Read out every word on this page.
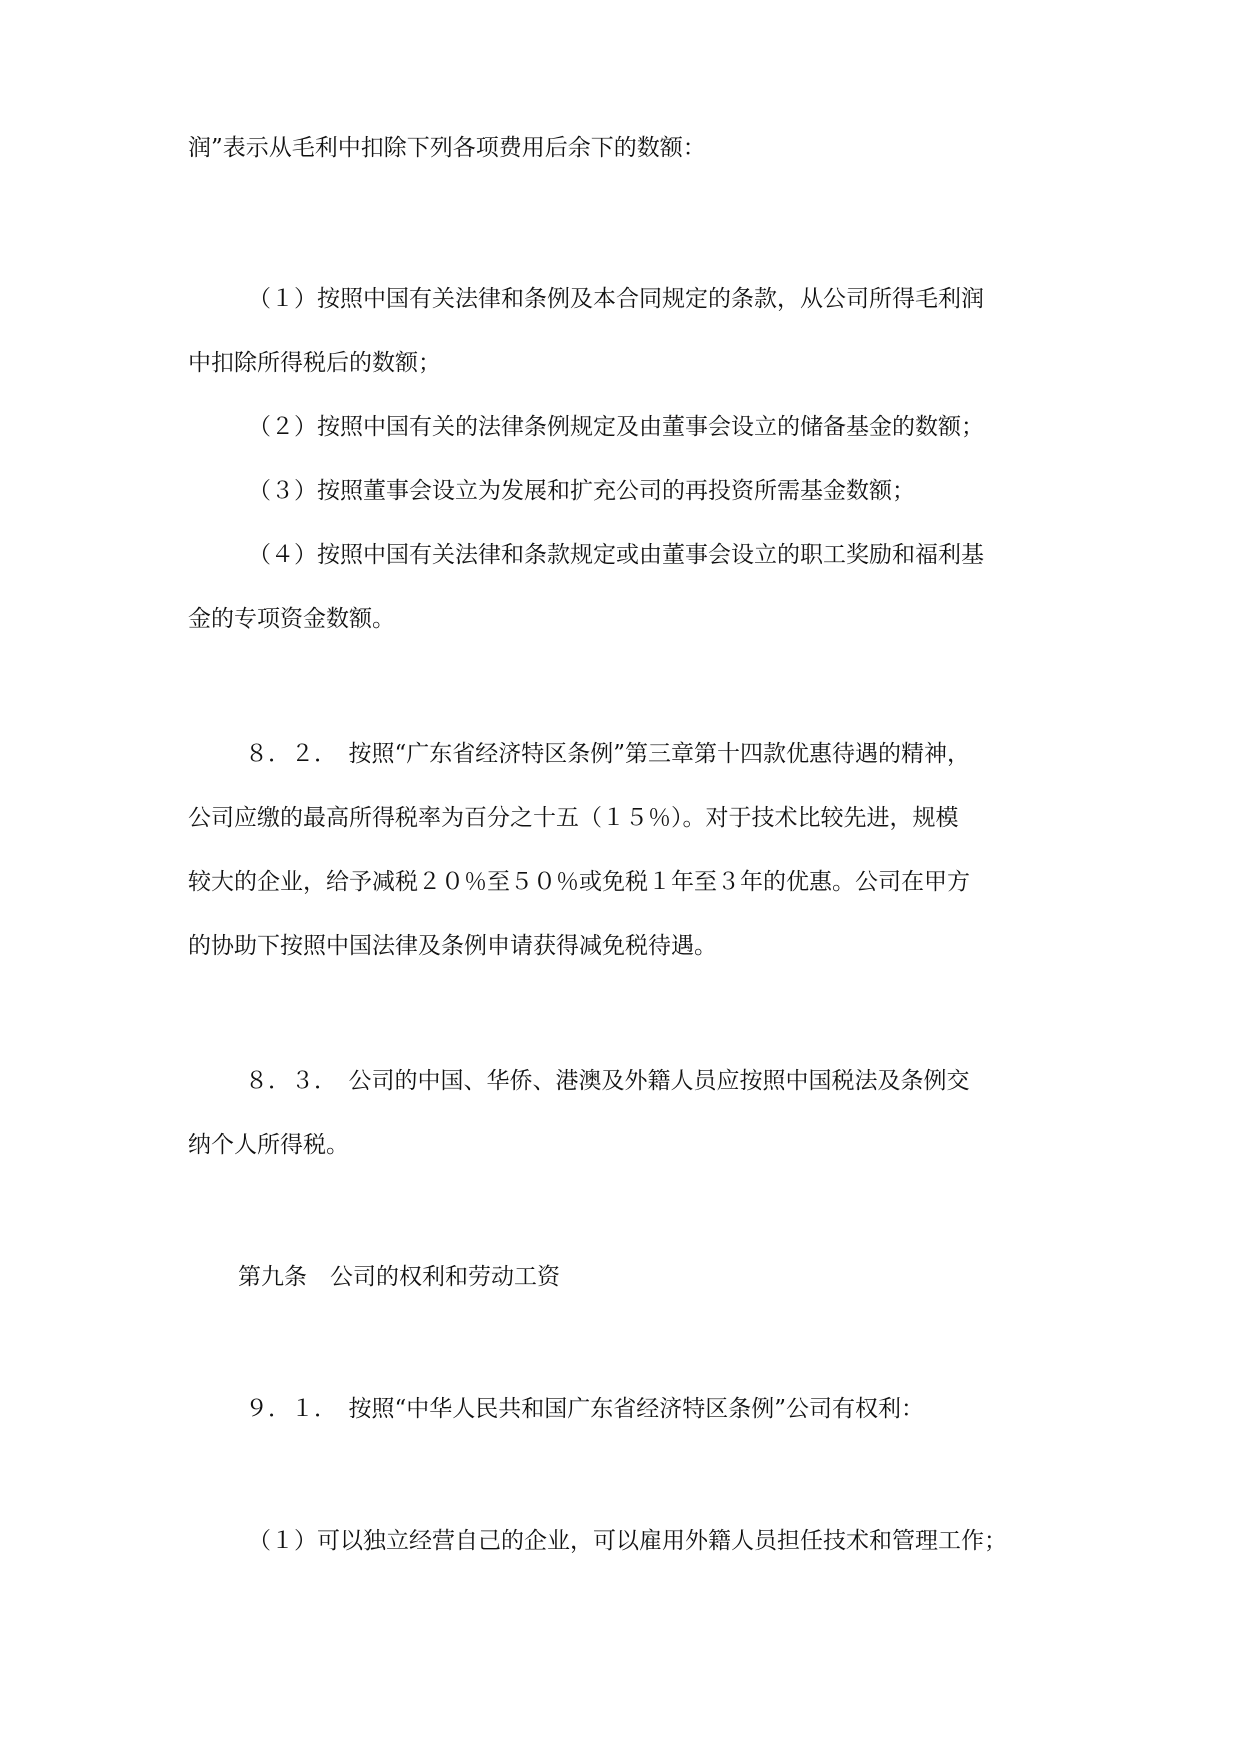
润”表示从毛利中扣除下列各项费用后余下的数额：

（１）按照中国有关法律和条例及本合同规定的条款，从公司所得毛利润

中扣除所得税后的数额；

（２）按照中国有关的法律条例规定及由董事会设立的储备基金的数额；

（３）按照董事会设立为发展和扩充公司的再投资所需基金数额；

（４）按照中国有关法律和条款规定或由董事会设立的职工奖励和福利基

金的专项资金数额。

８．２．　按照“广东省经济特区条例”第三章第十四款优惠待遇的精神，

公司应缴的最高所得税率为百分之十五（１５％）。对于技术比较先进，规模

较大的企业，给予减税２０％至５０％或免税１年至３年的优惠。公司在甲方

的协助下按照中国法律及条例申请获得减免税待遇。

８．３．　公司的中国、华侨、港澳及外籍人员应按照中国税法及条例交

纳个人所得税。

第九条　公司的权利和劳动工资

９．１．　按照“中华人民共和国广东省经济特区条例”公司有权利：

（１）可以独立经营自己的企业，可以雇用外籍人员担任技术和管理工作；
